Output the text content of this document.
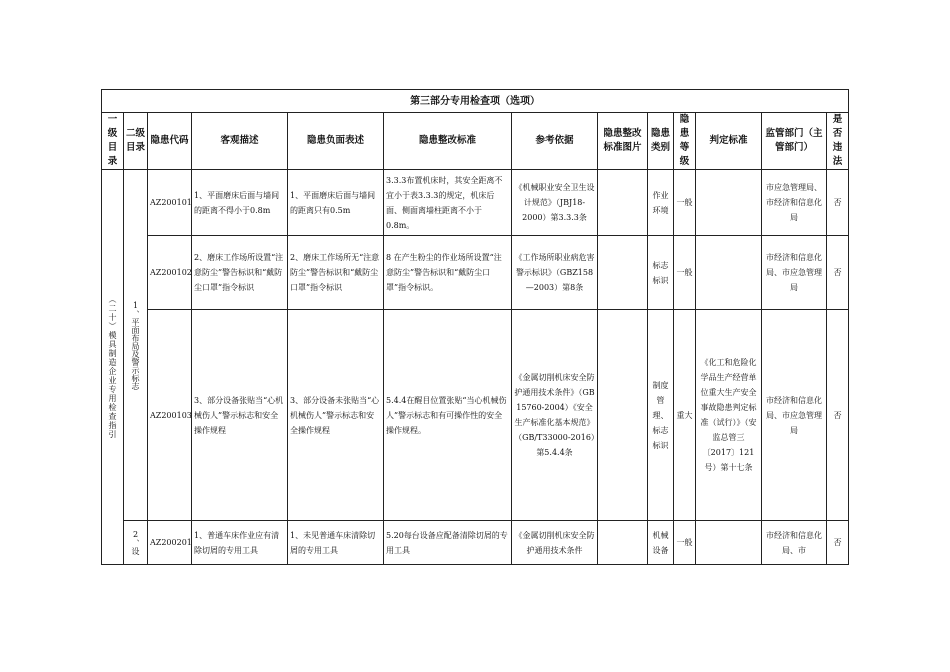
第三部分专用检查项（选项）												
一级目录	二级目录	隐患代码	客观描述	隐患负面表述	隐患整改标准	参考依据	隐患整改标准图片	隐患类别	隐患等级	判定标准	监管部门（主管部门）	是否违法
（二十）模具制造企业专用检查指引	1、平面布局及警示标志	AZ200101	1、平面磨床后面与墙间的距离不得小于0.8m	1、平面磨床后面与墙间的距离只有0.5m	3.3.3布置机床时，其安全距离不宜小于表3.3.3的规定，机床后面、侧面离墙柱距离不小于0.8m。	《机械职业安全卫生设计规范》（JBJ18-2000）第3.3.3条		作业环境	一般		市应急管理局、市经济和信息化局	否
		AZ200102	2、磨床工作场所设置“注意防尘”警告标识和“戴防尘口罩”指令标识	2、磨床工作场所无“注意防尘”警告标识和“戴防尘口罩”指令标识	8 在产生粉尘的作业场所设置“注意防尘”警告标识和“戴防尘口罩”指令标识。	《工作场所职业病危害警示标识》（GBZ158—2003）第8条		标志标识	一般		市经济和信息化局、市应急管理局	否
		AZ200103	3、部分设备张贴当“心机械伤人”警示标志和安全操作规程	3、部分设备未张贴当“心机械伤人”警示标志和安全操作规程	5.4.4在醒目位置张贴“当心机械伤人”警示标志和有可操作性的安全操作规程。	《金属切削机床安全防护通用技术条件》（GB 15760-2004）《安全生产标准化基本规范》（GB/T33000-2016）第5.4.4条		制度管理、标志标识	重大	《化工和危险化学品生产经营单位重大生产安全事故隐患判定标准（试行）》（安监总管三〔2017〕121号）第十七条	市经济和信息化局、市应急管理局	否
	2、设	AZ200201	1、普通车床作业应有清除切屑的专用工具	1、未见普通车床清除切屑的专用工具	5.20每台设备应配备清除切屑的专用工具	《金属切削机床安全防护通用技术条件		机械设备	一般		市经济和信息化局、市	否
